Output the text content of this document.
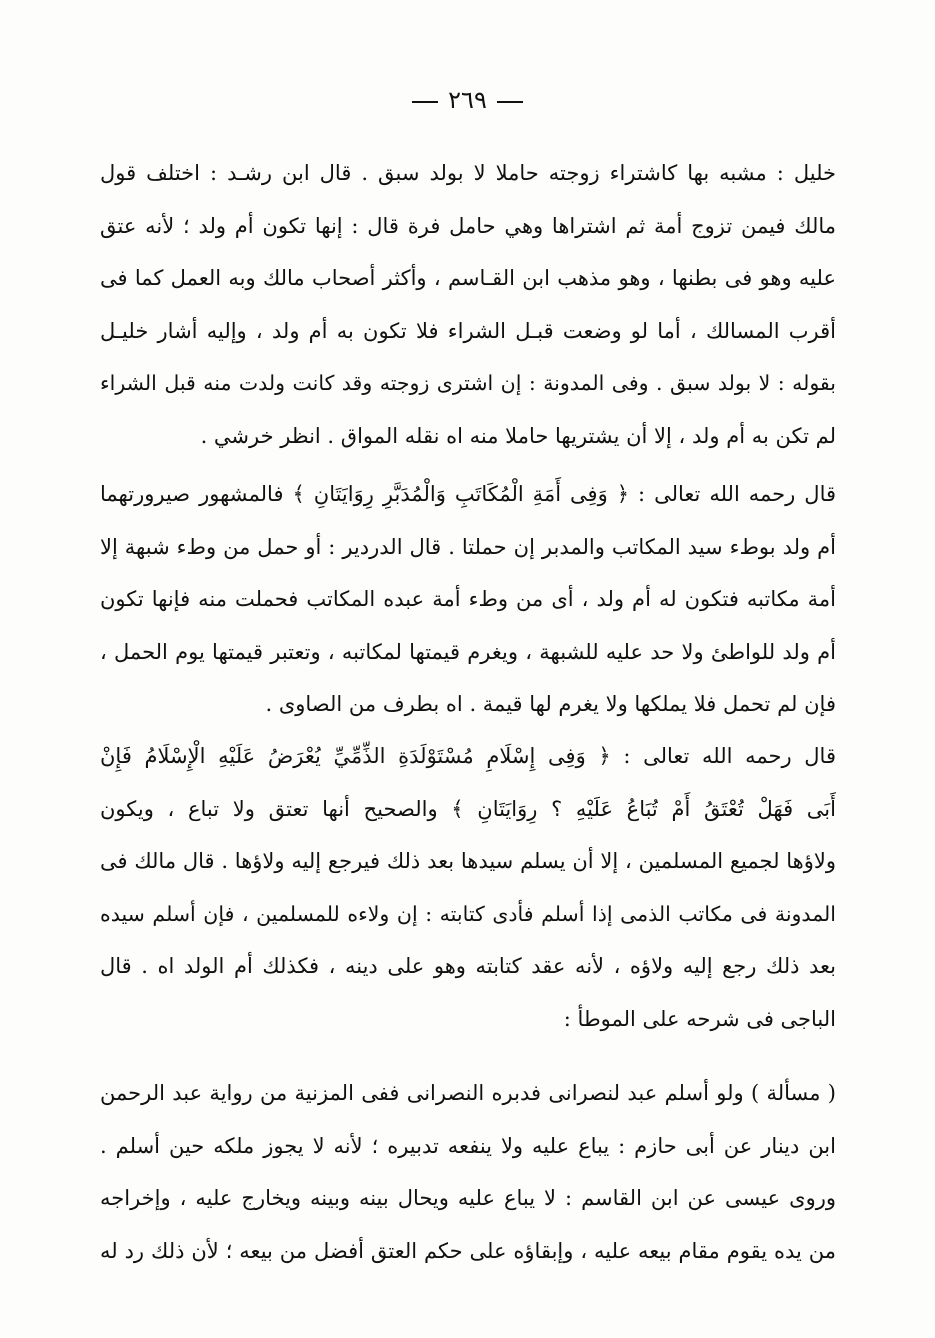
٢٦٩
خليل : مشبه بها كاشتراء زوجته حاملا لا بولد سبق . قال ابن رشـد : اختلف قول
مالك فيمن تزوج أمة ثم اشتراها وهي حامل فرة قال : إنها تكون أم ولد ؛ لأنه عتق
عليه وهو فى بطنها ، وهو مذهب ابن القـاسم ، وأكثر أصحاب مالك وبه العمل كما فى
أقرب المسالك ، أما لو وضعت قبـل الشراء فلا تكون به أم ولد ، وإليه أشار خليـل
بقوله : لا بولد سبق . وفى المدونة : إن اشترى زوجته وقد كانت ولدت منه قبل الشراء
لم تكن به أم ولد ، إلا أن يشتريها حاملا منه اه نقله المواق . انظر خرشي .
قال رحمه الله تعالى : ﴿ وَفِى أَمَةِ الْمُكَاتَبِ وَالْمُدَبَّرِ رِوَايَتَانِ ﴾ فالمشهور صيرورتهما
أم ولد بوطء سيد المكاتب والمدبر إن حملتا . قال الدردير : أو حمل من وطء شبهة إلا
أمة مكاتبه فتكون له أم ولد ، أى من وطء أمة عبده المكاتب فحملت منه فإنها تكون
أم ولد للواطئ ولا حد عليه للشبهة ، ويغرم قيمتها لمكاتبه ، وتعتبر قيمتها يوم الحمل ،
فإن لم تحمل فلا يملكها ولا يغرم لها قيمة . اه بطرف من الصاوى .
قال رحمه الله تعالى : ﴿ وَفِى إِسْلَامِ مُسْتَوْلَدَةِ الذِّمِّيِّ يُعْرَضُ عَلَيْهِ الْإِسْلَامُ فَإِنْ
أَبَى فَهَلْ تُعْتَقُ أَمْ تُبَاعُ عَلَيْهِ ؟ رِوَايَتَانِ ﴾ والصحيح أنها تعتق ولا تباع ، ويكون
ولاؤها لجميع المسلمين ، إلا أن يسلم سيدها بعد ذلك فيرجع إليه ولاؤها . قال مالك فى
المدونة فى مكاتب الذمى إذا أسلم فأدى كتابته : إن ولاءه للمسلمين ، فإن أسلم سيده
بعد ذلك رجع إليه ولاؤه ، لأنه عقد كتابته وهو على دينه ، فكذلك أم الولد اه . قال
الباجى فى شرحه على الموطأ :
( مسألة ) ولو أسلم عبد لنصرانى فدبره النصرانى ففى المزنية من رواية عبد الرحمن
ابن دينار عن أبى حازم : يباع عليه ولا ينفعه تدبيره ؛ لأنه لا يجوز ملكه حين أسلم .
وروى عيسى عن ابن القاسم : لا يباع عليه ويحال بينه وبينه ويخارج عليه ، وإخراجه
من يده يقوم مقام بيعه عليه ، وإبقاؤه على حكم العتق أفضل من بيعه ؛ لأن ذلك رد له
